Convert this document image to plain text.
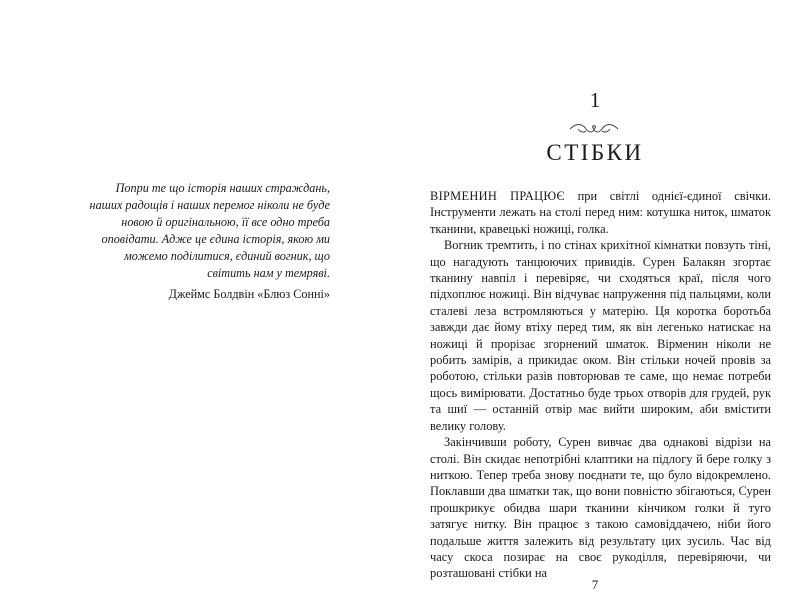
Попри те що історія наших страждань, наших радощів і наших перемог ніколи не буде новою й оригінальною, її все одно треба оповідати. Адже це єдина історія, якою ми можемо поділитися, єдиний вогник, що світить нам у темряві.

Джеймс Болдвін «Блюз Сонні»
1
СТІБКИ

ВІРМЕНИН ПРАЦЮЄ при світлі однієї-єдиної свічки. Інструменти лежать на столі перед ним: котушка ниток, шматок тканини, кравецькі ножиці, голка.

Вогник тремтить, і по стінах крихітної кімнатки повзуть тіні, що нагадують танцюючих привидів. Сурен Балакян згортає тканину навпіл і перевіряє, чи сходяться краї, після чого підхоплює ножиці. Він відчуває напруження під пальцями, коли сталеві леза встромляються у матерію. Ця коротка боротьба завжди дає йому втіху перед тим, як він легенько натискає на ножиці й прорізає згорнений шматок. Вірменин ніколи не робить замірів, а прикидає оком. Він стільки ночей провів за роботою, стільки разів повторював те саме, що немає потреби щось вимірювати. Достатньо буде трьох отворів для грудей, рук та шиї — останній отвір має вийти широким, аби вмістити велику голову.

Закінчивши роботу, Сурен вивчає два однакові відрізи на столі. Він скидає непотрібні клаптики на підлогу й бере голку з ниткою. Тепер треба знову поєднати те, що було відокремлено. Поклавши два шматки так, що вони повністю збігаються, Сурен прошкрикує обидва шари тканини кінчиком голки й туго затягує нитку. Він працює з такою самовіддачею, ніби його подальше життя залежить від результату цих зусиль. Час від часу скоса позирає на своє рукоділля, перевіряючи, чи розташовані стібки на

7
